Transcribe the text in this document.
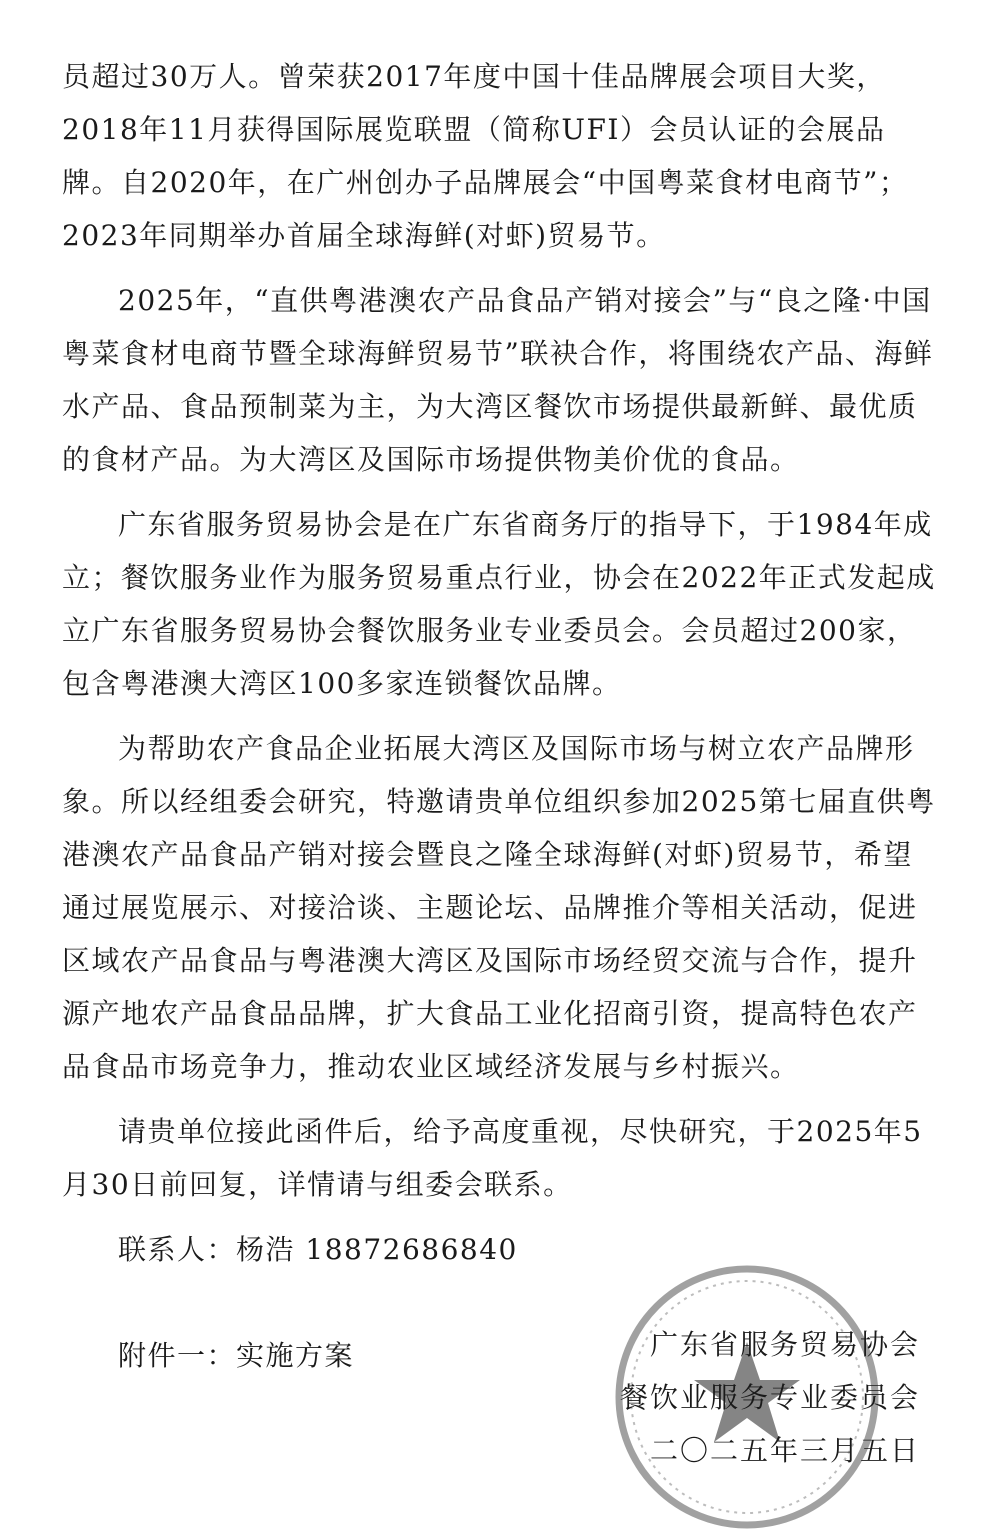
员超过30万人。曾荣获2017年度中国十佳品牌展会项目大奖，2018年11月获得国际展览联盟（简称UFI）会员认证的会展品牌。自2020年，在广州创办子品牌展会“中国粤菜食材电商节”；2023年同期举办首届全球海鲜(对虾)贸易节。

2025年，“直供粤港澳农产品食品产销对接会”与“良之隆·中国粤菜食材电商节暨全球海鲜贸易节”联袂合作，将围绕农产品、海鲜水产品、食品预制菜为主，为大湾区餐饮市场提供最新鲜、最优质的食材产品。为大湾区及国际市场提供物美价优的食品。

广东省服务贸易协会是在广东省商务厅的指导下，于1984年成立；餐饮服务业作为服务贸易重点行业，协会在2022年正式发起成立广东省服务贸易协会餐饮服务业专业委员会。会员超过200家，包含粤港澳大湾区100多家连锁餐饮品牌。

为帮助农产食品企业拓展大湾区及国际市场与树立农产品牌形象。所以经组委会研究，特邀请贵单位组织参加2025第七届直供粤港澳农产品食品产销对接会暨良之隆全球海鲜(对虾)贸易节，希望通过展览展示、对接洽谈、主题论坛、品牌推介等相关活动，促进区域农产品食品与粤港澳大湾区及国际市场经贸交流与合作，提升源产地农产品食品品牌，扩大食品工业化招商引资，提高特色农产品食品市场竞争力，推动农业区域经济发展与乡村振兴。

请贵单位接此函件后，给予高度重视，尽快研究，于2025年5月30日前回复，详情请与组委会联系。

联系人：杨浩 18872686840

附件一：实施方案	广东省服务贸易协会
餐饮业服务专业委员会
二〇二五年三月五日
